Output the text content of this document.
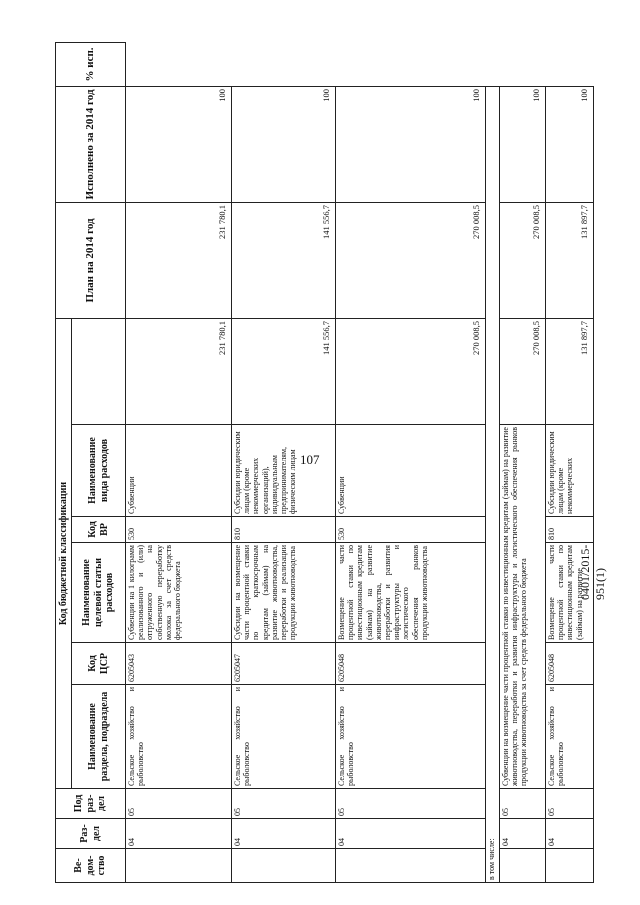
107
Ве-дом-ство	Раз-дел	Под раз-дел	Код бюджетной классификации						План на 2014 год	Исполнено за 2014 год	% исп.
			Наименование раздела, подраздела	Код ЦСР	Наименование целевой статьи расходов	Код ВР	Наименование вида расходов			
	04	05	Сельское хозяйство и рыболовство	6205043	Субвенции на 1 килограмм реализованного и (или) отгруженного на собственную переработку молока за счет средств федерального бюджета	530	Субвенции	231 780,1	231 780,1	100	
	04	05	Сельское хозяйство и рыболовство	6205047	Субсидии на возмещение части процентной ставки по краткосрочным кредитам (займам) на развитие животноводства, переработки и реализации продукции животноводства	810	Субсидии юридическим лицам (кроме некоммерческих организаций), индивидуальным предпринимателям, физическим лицам	141 556,7	141 556,7	100	
	04	05	Сельское хозяйство и рыболовство	6205048	Возмещение части процентной ставки по инвестиционным кредитам (займам) на развитие животноводства, переработки и развития инфраструктуры и логистического обеспечения рынков продукции животноводства	530	Субвенции	270 008,5	270 008,5	100	
в том числе:											
	04	05	Субвенции на возмещение части процентной ставки по инвестиционным кредитам (займам) на развитие животноводства, переработки и развития инфраструктуры и логистического обеспечения рынков продукции животноводства за счет средств федерального бюджета					270 008,5	270 008,5	100	
	04	05	Сельское хозяйство и рыболовство	6205048	Возмещение части процентной ставки по инвестиционным кредитам (займам) на развитие	810	Субсидии юридическим лицам (кроме некоммерческих	131 897,7	131 897,7	100	
0401/2015-951(1)
